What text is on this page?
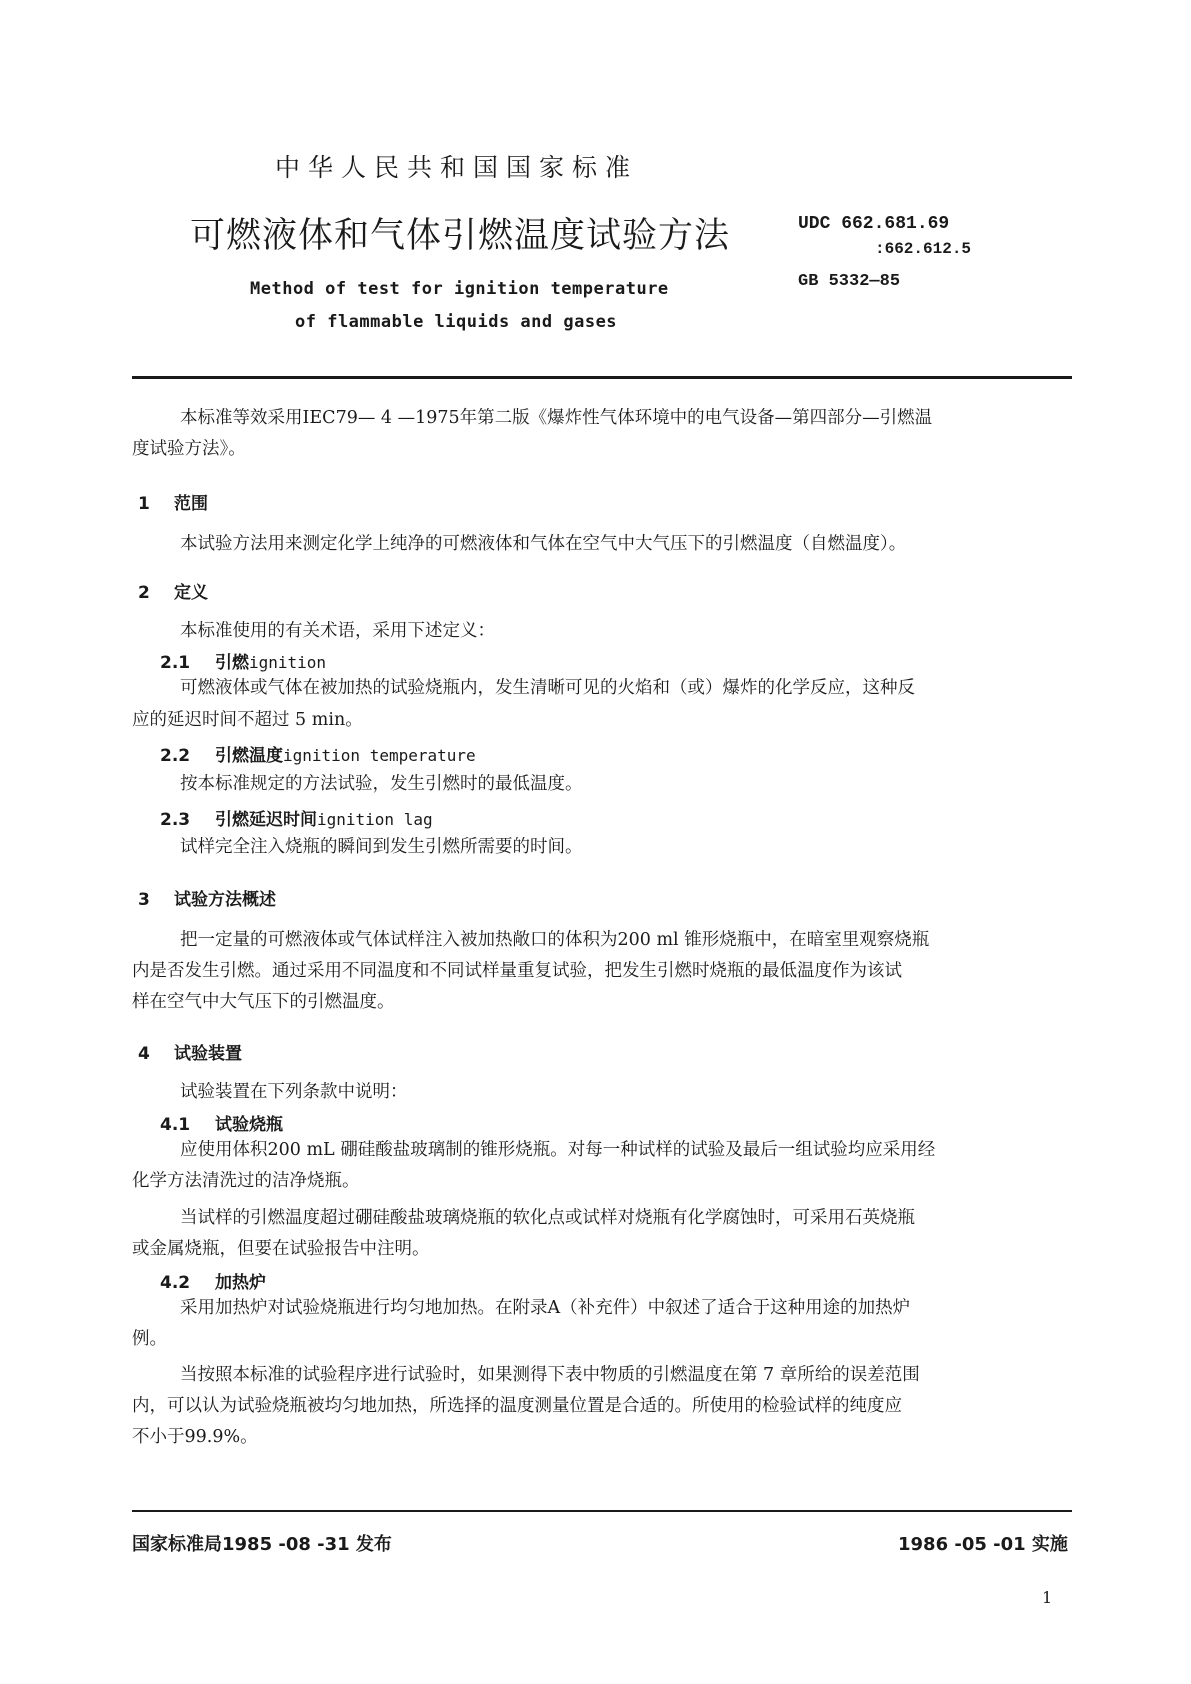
中华人民共和国国家标准
可燃液体和气体引燃温度试验方法
Method of test for ignition temperature
of flammable liquids and gases
UDC 662.681.69
:662.612.5
GB 5332—85
本标准等效采用IEC79— 4 —1975年第二版《爆炸性气体环境中的电气设备—第四部分—引燃温
度试验方法》。
1 范围
本试验方法用来测定化学上纯净的可燃液体和气体在空气中大气压下的引燃温度（自燃温度）。
2 定义
本标准使用的有关术语，采用下述定义：
2.1 引燃ignition
可燃液体或气体在被加热的试验烧瓶内，发生清晰可见的火焰和（或）爆炸的化学反应，这种反
应的延迟时间不超过 5 min。
2.2 引燃温度ignition temperature
按本标准规定的方法试验，发生引燃时的最低温度。
2.3 引燃延迟时间ignition lag
试样完全注入烧瓶的瞬间到发生引燃所需要的时间。
3 试验方法概述
把一定量的可燃液体或气体试样注入被加热敞口的体积为200 ml 锥形烧瓶中，在暗室里观察烧瓶
内是否发生引燃。通过采用不同温度和不同试样量重复试验，把发生引燃时烧瓶的最低温度作为该试
样在空气中大气压下的引燃温度。
4 试验装置
试验装置在下列条款中说明：
4.1 试验烧瓶
应使用体积200 mL 硼硅酸盐玻璃制的锥形烧瓶。对每一种试样的试验及最后一组试验均应采用经
化学方法清洗过的洁净烧瓶。
当试样的引燃温度超过硼硅酸盐玻璃烧瓶的软化点或试样对烧瓶有化学腐蚀时，可采用石英烧瓶
或金属烧瓶，但要在试验报告中注明。
4.2 加热炉
采用加热炉对试验烧瓶进行均匀地加热。在附录A（补充件）中叙述了适合于这种用途的加热炉
例。
当按照本标准的试验程序进行试验时，如果测得下表中物质的引燃温度在第 7 章所给的误差范围
内，可以认为试验烧瓶被均匀地加热，所选择的温度测量位置是合适的。所使用的检验试样的纯度应
不小于99.9%。
国家标准局1985 -08 -31 发布	1986 -05 -01 实施
1
